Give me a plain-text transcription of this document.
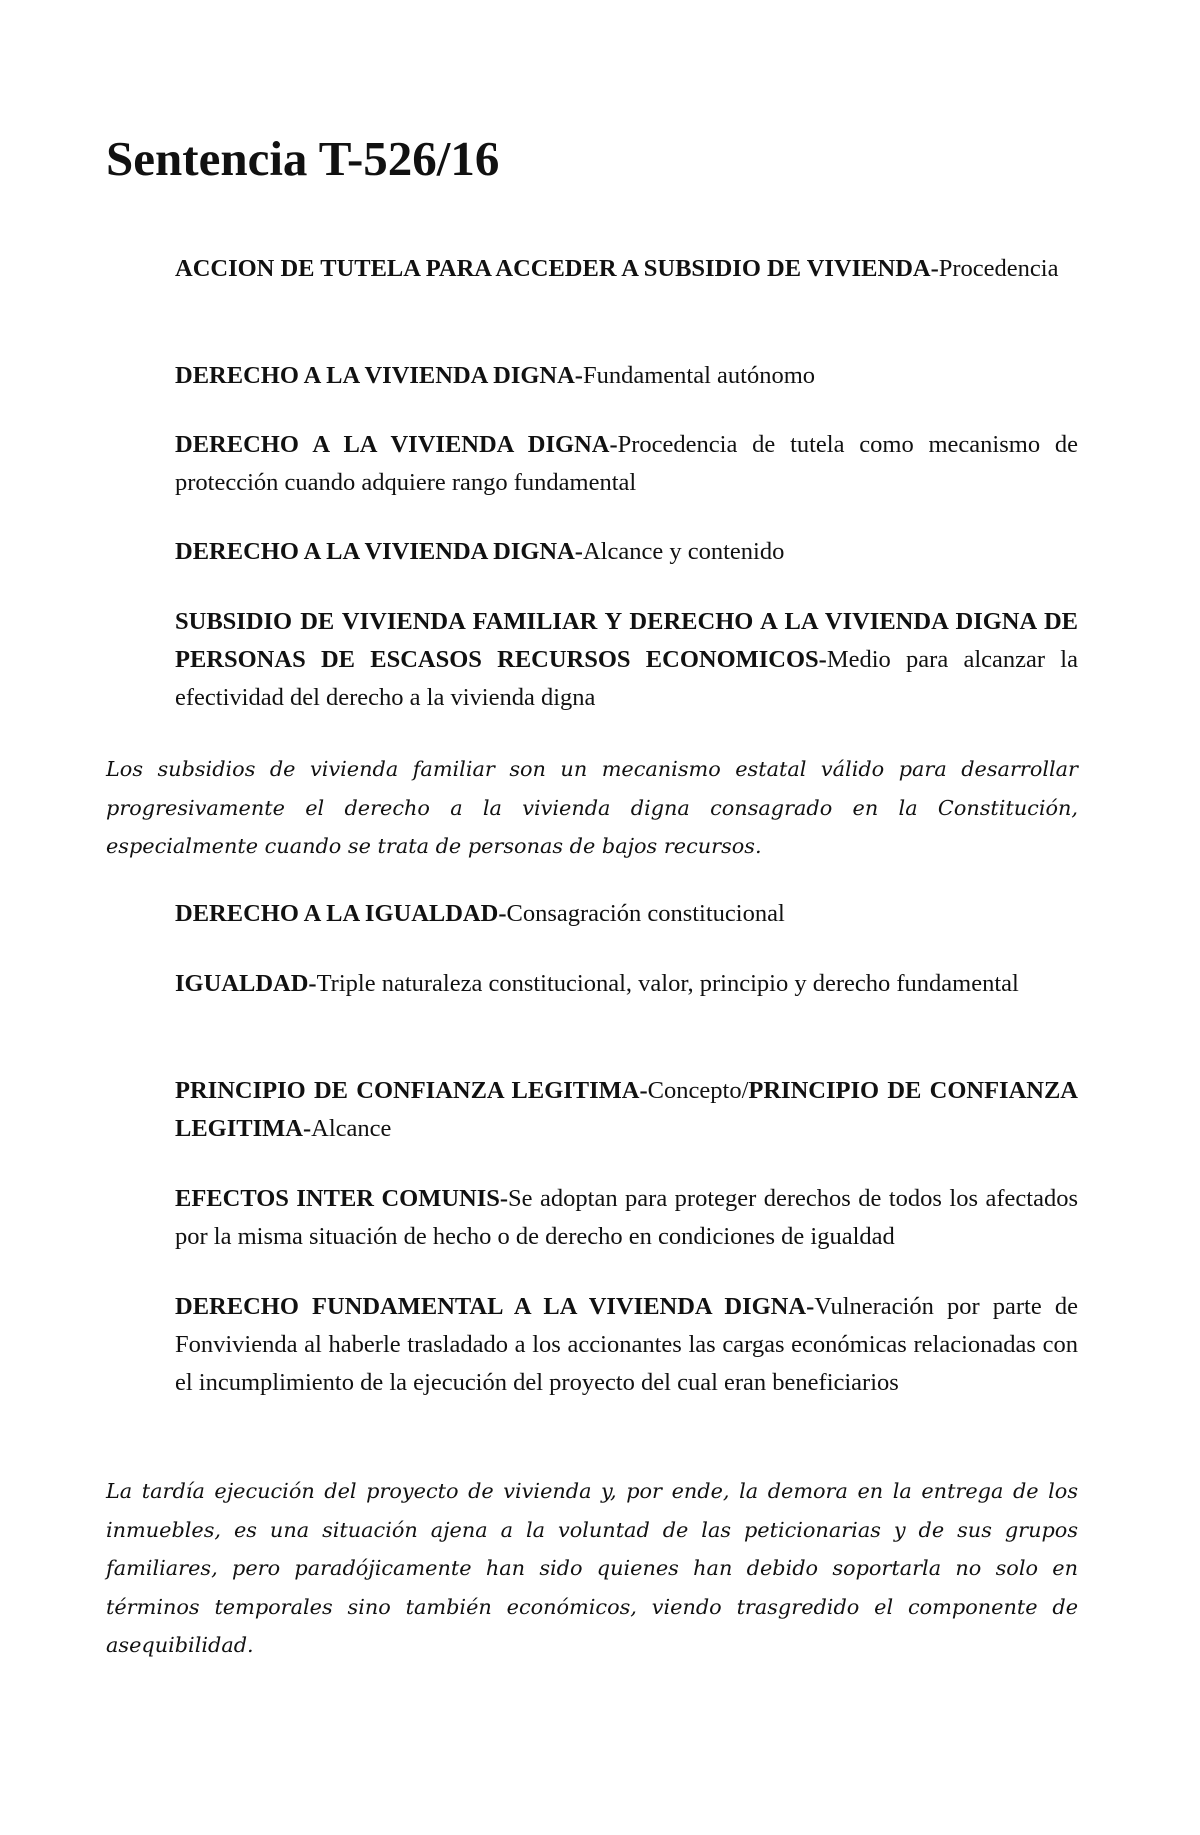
Sentencia T-526/16

ACCION DE TUTELA PARA ACCEDER A SUBSIDIO DE VIVIENDA-Procedencia

DERECHO A LA VIVIENDA DIGNA-Fundamental autónomo

DERECHO A LA VIVIENDA DIGNA-Procedencia de tutela como mecanismo de protección cuando adquiere rango fundamental

DERECHO A LA VIVIENDA DIGNA-Alcance y contenido

SUBSIDIO DE VIVIENDA FAMILIAR Y DERECHO A LA VIVIENDA DIGNA DE PERSONAS DE ESCASOS RECURSOS ECONOMICOS-Medio para alcanzar la efectividad del derecho a la vivienda digna

Los subsidios de vivienda familiar son un mecanismo estatal válido para desarrollar progresivamente el derecho a la vivienda digna consagrado en la Constitución, especialmente cuando se trata de personas de bajos recursos.

DERECHO A LA IGUALDAD-Consagración constitucional

IGUALDAD-Triple naturaleza constitucional, valor, principio y derecho fundamental

PRINCIPIO DE CONFIANZA LEGITIMA-Concepto/PRINCIPIO DE CONFIANZA LEGITIMA-Alcance

EFECTOS INTER COMUNIS-Se adoptan para proteger derechos de todos los afectados por la misma situación de hecho o de derecho en condiciones de igualdad

DERECHO FUNDAMENTAL A LA VIVIENDA DIGNA-Vulneración por parte de Fonvivienda al haberle trasladado a los accionantes las cargas económicas relacionadas con el incumplimiento de la ejecución del proyecto del cual eran beneficiarios

La tardía ejecución del proyecto de vivienda y, por ende, la demora en la entrega de los inmuebles, es una situación ajena a la voluntad de las peticionarias y de sus grupos familiares, pero paradójicamente han sido quienes han debido soportarla no solo en términos temporales sino también económicos, viendo trasgredido el componente de asequibilidad.
